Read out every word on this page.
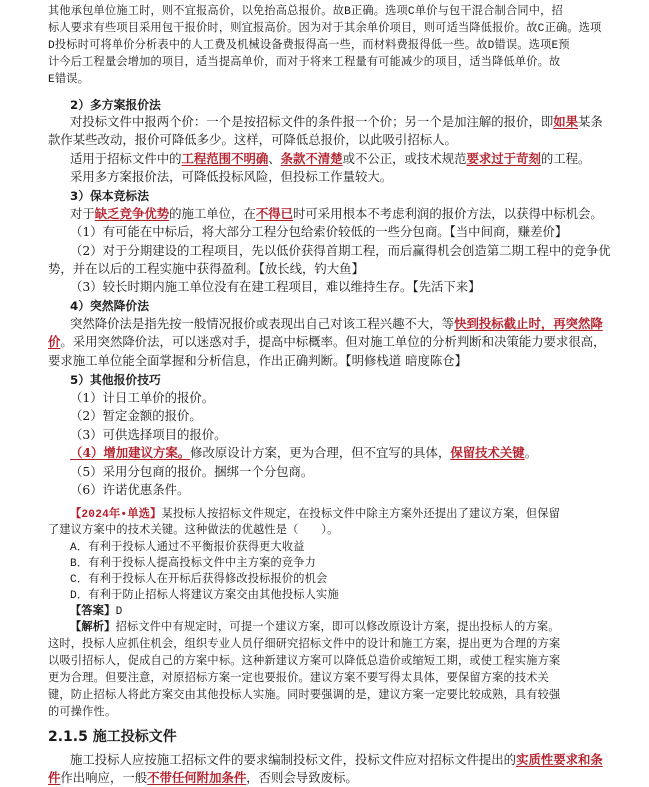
其他承包单位施工时，则不宜报高价，以免抬高总报价。故B正确。选项C单价与包干混合制合同中，招
标人要求有些项目采用包干报价时，则宜报高价。因为对于其余单价项目，则可适当降低报价。故C正确。选项
D投标时可将单价分析表中的人工费及机械设备费报得高一些，而材料费报得低一些。故D错误。选项E预
计今后工程量会增加的项目，适当提高单价，而对于将来工程量有可能减少的项目，适当降低单价。故
E错误。
2）多方案报价法
对投标文件中报两个价：一个是按招标文件的条件报一个价；另一个是加注解的报价，即如果某条
款作某些改动，报价可降低多少。这样，可降低总报价，以此吸引招标人。
适用于招标文件中的工程范围不明确、条款不清楚或不公正，或技术规范要求过于苛刻的工程。
采用多方案报价法，可降低投标风险，但投标工作量较大。
3）保本竞标法
对于缺乏竞争优势的施工单位，在不得已时可采用根本不考虑利润的报价方法，以获得中标机会。
（1）有可能在中标后，将大部分工程分包给索价较低的一些分包商。【当中间商，赚差价】
（2）对于分期建设的工程项目，先以低价获得首期工程，而后赢得机会创造第二期工程中的竞争优
势，并在以后的工程实施中获得盈利。【放长线，钓大鱼】
（3）较长时期内施工单位没有在建工程项目，难以维持生存。【先活下来】
4）突然降价法
突然降价法是指先按一般情况报价或表现出自己对该工程兴趣不大，等快到投标截止时，再突然降
价。采用突然降价法，可以迷惑对手，提高中标概率。但对施工单位的分析判断和决策能力要求很高，
要求施工单位能全面掌握和分析信息，作出正确判断。【明修栈道 暗度陈仓】
5）其他报价技巧
（1）计日工单价的报价。
（2）暂定金额的报价。
（3）可供选择项目的报价。
（4）增加建议方案。修改原设计方案，更为合理，但不宜写的具体，保留技术关键。
（5）采用分包商的报价。捆绑一个分包商。
（6）许诺优惠条件。
【2024年•单选】某投标人按招标文件规定，在投标文件中除主方案外还提出了建议方案，但保留
了建议方案中的技术关键。这种做法的优越性是（　　）。
A．有利于投标人通过不平衡报价获得更大收益
B．有利于投标人提高投标文件中主方案的竞争力
C．有利于投标人在开标后获得修改投标报价的机会
D．有利于防止招标人将建议方案交由其他投标人实施
【答案】D
【解析】招标文件中有规定时，可提一个建议方案，即可以修改原设计方案，提出投标人的方案。
这时，投标人应抓住机会，组织专业人员仔细研究招标文件中的设计和施工方案，提出更为合理的方案
以吸引招标人，促成自己的方案中标。这种新建议方案可以降低总造价或缩短工期，或使工程实施方案
更为合理。但要注意，对原招标方案一定也要报价。建议方案不要写得太具体，要保留方案的技术关
键，防止招标人将此方案交由其他投标人实施。同时要强调的是，建议方案一定要比较成熟，具有较强
的可操作性。
2.1.5 施工投标文件
施工投标人应按施工招标文件的要求编制投标文件，投标文件应对招标文件提出的实质性要求和条
件作出响应，一般不带任何附加条件，否则会导致废标。
